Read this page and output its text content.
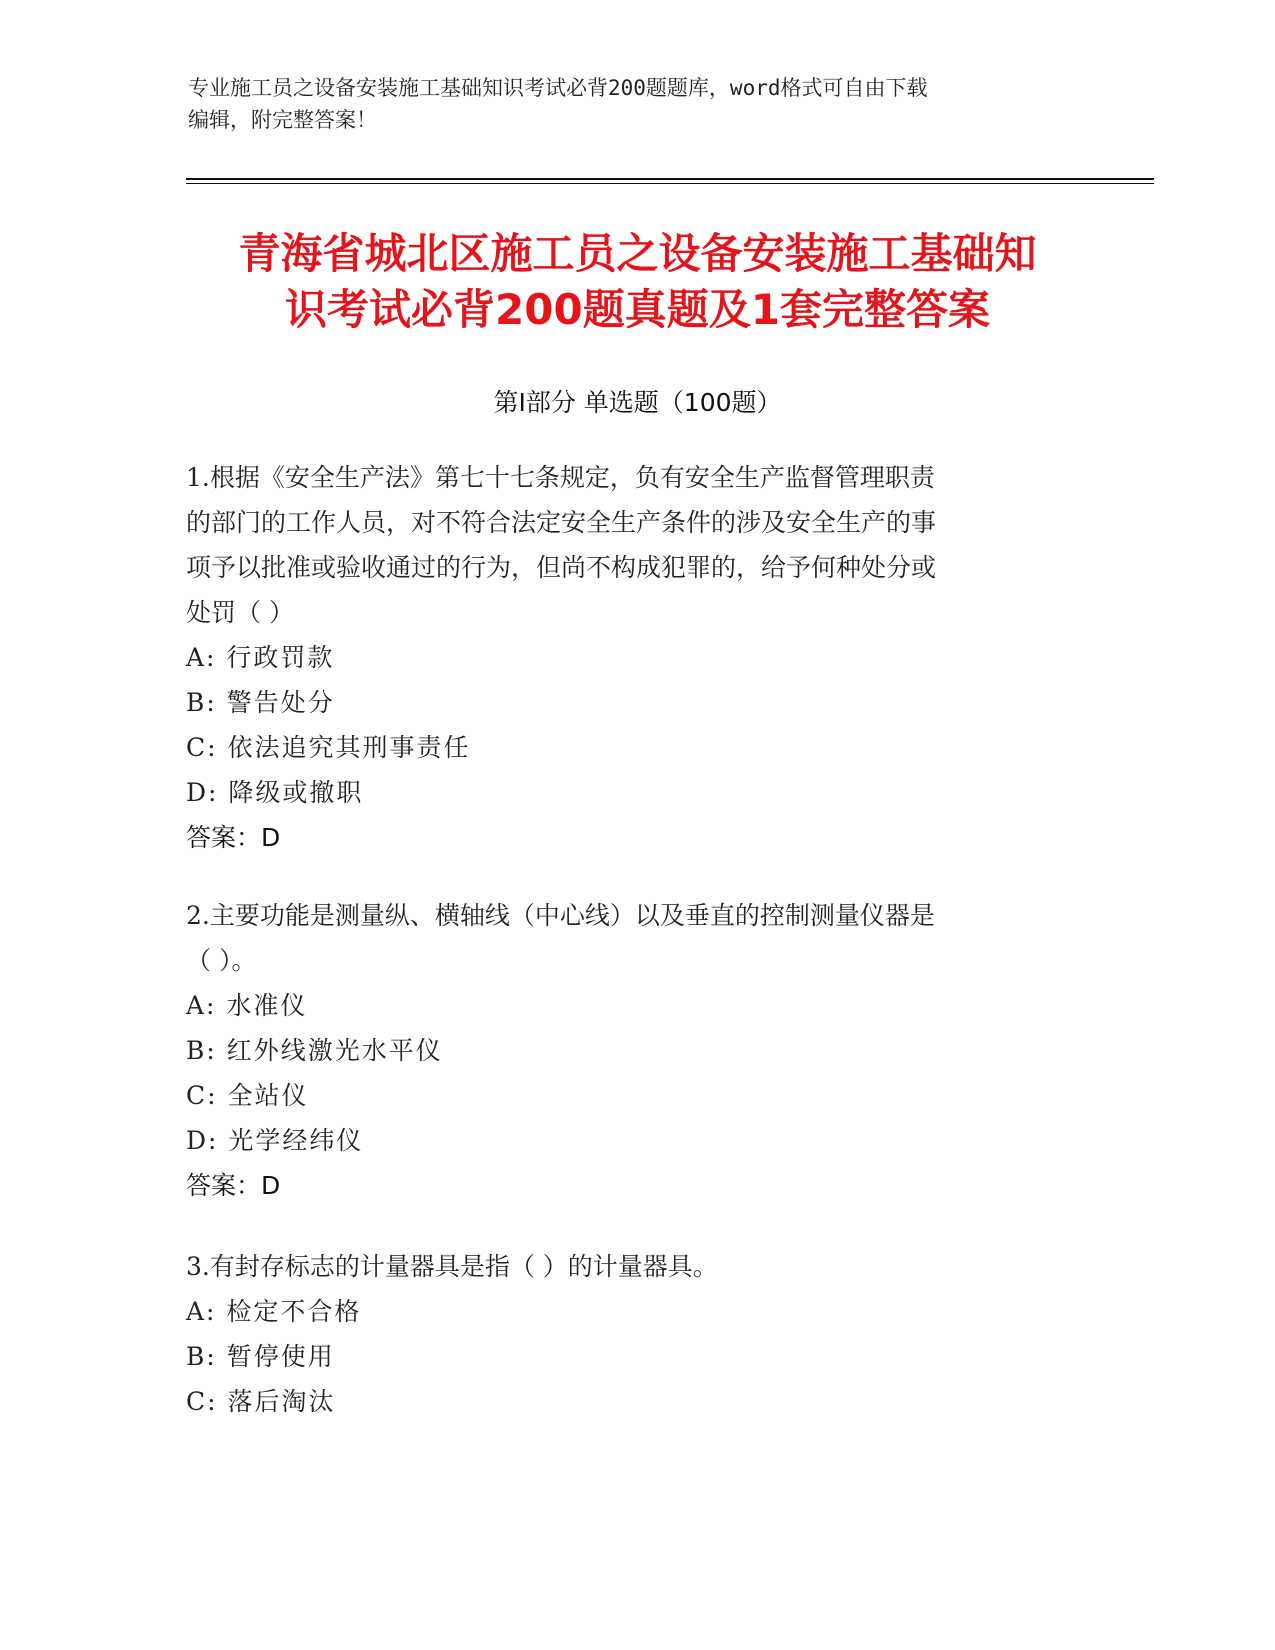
专业施工员之设备安装施工基础知识考试必背200题题库，word格式可自由下载
编辑，附完整答案！
青海省城北区施工员之设备安装施工基础知
识考试必背200题真题及1套完整答案
第Ⅰ部分 单选题（100题）
1.根据《安全生产法》第七十七条规定，负有安全生产监督管理职责
的部门的工作人员，对不符合法定安全生产条件的涉及安全生产的事
项予以批准或验收通过的行为，但尚不构成犯罪的，给予何种处分或
处罚（ ）
A: 行政罚款
B: 警告处分
C: 依法追究其刑事责任
D: 降级或撤职
答案：D
2.主要功能是测量纵、横轴线（中心线）以及垂直的控制测量仪器是
（ ）。
A: 水准仪
B: 红外线激光水平仪
C: 全站仪
D: 光学经纬仪
答案：D
3.有封存标志的计量器具是指（ ）的计量器具。
A: 检定不合格
B: 暂停使用
C: 落后淘汰
